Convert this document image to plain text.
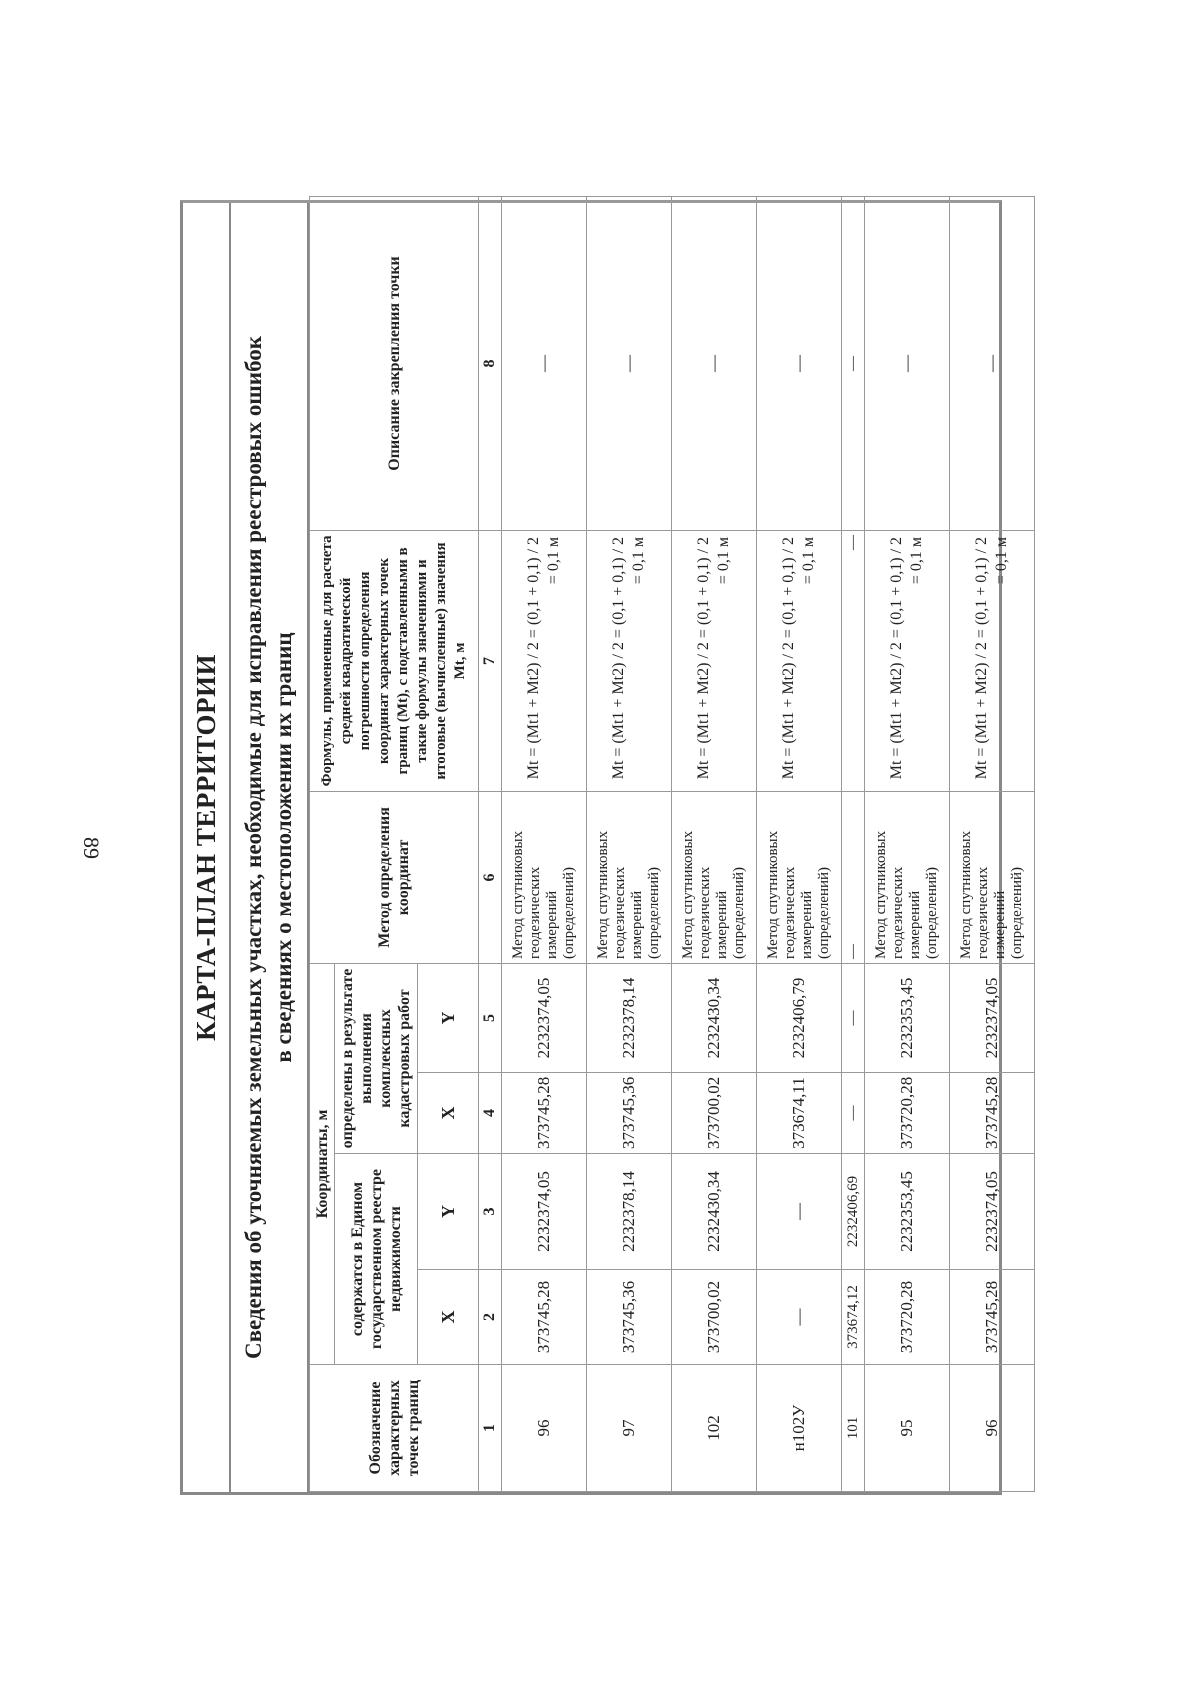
89	КАРТА-ПЛАН ТЕРРИТОРИИ Сведения об уточняемых земельных участках, необходимые для исправления реестровых ошибок в сведениях о местоположении их границ
Обозначение характерных точек границ	Координаты, м				Метод определения координат	Формулы, примененные для расчета средней квадратической погрешности определения координат характерных точек границ (Mt), с подставленными в такие формулы значениями и итоговые (вычисленные) значения Mt, м	Описание закрепления точки
	содержатся в Едином государственном реестре недвижимости		определены в результате выполнения комплексных кадастровых работ				
	X	Y	X	Y			
1	2	3	4	5	6	7	8
96	373745,28	2232374,05	373745,28	2232374,05	Метод спутниковых геодезических измерений (определений)	Mt = (Mt1 + Mt2) / 2 = (0,1 + 0,1) / 2 = 0,1 м	—
97	373745,36	2232378,14	373745,36	2232378,14	Метод спутниковых геодезических измерений (определений)	Mt = (Mt1 + Mt2) / 2 = (0,1 + 0,1) / 2 = 0,1 м	—
102	373700,02	2232430,34	373700,02	2232430,34	Метод спутниковых геодезических измерений (определений)	Mt = (Mt1 + Mt2) / 2 = (0,1 + 0,1) / 2 = 0,1 м	—
н102У	—	—	373674,11	2232406,79	Метод спутниковых геодезических измерений (определений)	Mt = (Mt1 + Mt2) / 2 = (0,1 + 0,1) / 2 = 0,1 м	—
101	373674,12	2232406,69	—	—	—	—	—
95	373720,28	2232353,45	373720,28	2232353,45	Метод спутниковых геодезических измерений (определений)	Mt = (Mt1 + Mt2) / 2 = (0,1 + 0,1) / 2 = 0,1 м	—
96	373745,28	2232374,05	373745,28	2232374,05	Метод спутниковых геодезических измерений (определений)	Mt = (Mt1 + Mt2) / 2 = (0,1 + 0,1) / 2 = 0,1 м	—
